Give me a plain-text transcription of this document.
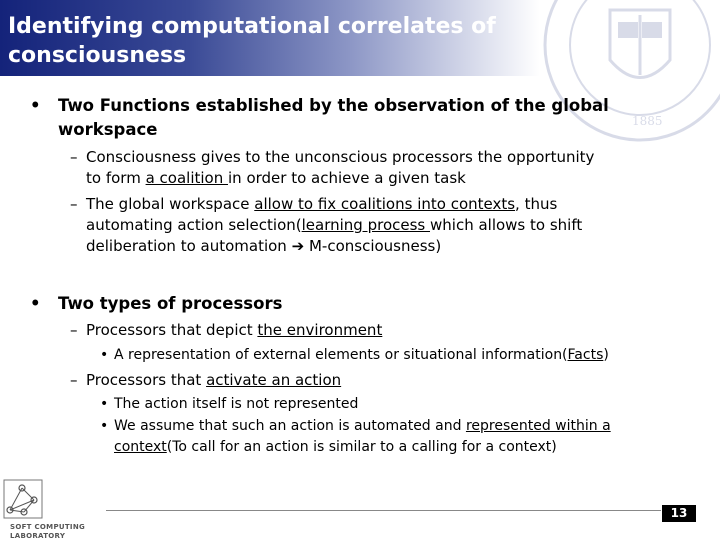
1885
Identifying computational correlates of
consciousness
• Two Functions established by the observation of the global
workspace
– Consciousness gives to the unconscious processors the opportunity
to form a coalition in order to achieve a given task
– The global workspace allow to fix coalitions into contexts, thus
automating action selection(learning process which allows to shift
deliberation to automation ➔ M-consciousness)
• Two types of processors
– Processors that depict the environment
• A representation of external elements or situational information(Facts)
– Processors that activate an action
• The action itself is not represented
• We assume that such an action is automated and represented within a
context(To call for an action is similar to a calling for a context)
SOFT COMPUTING
LABORATORY
13
